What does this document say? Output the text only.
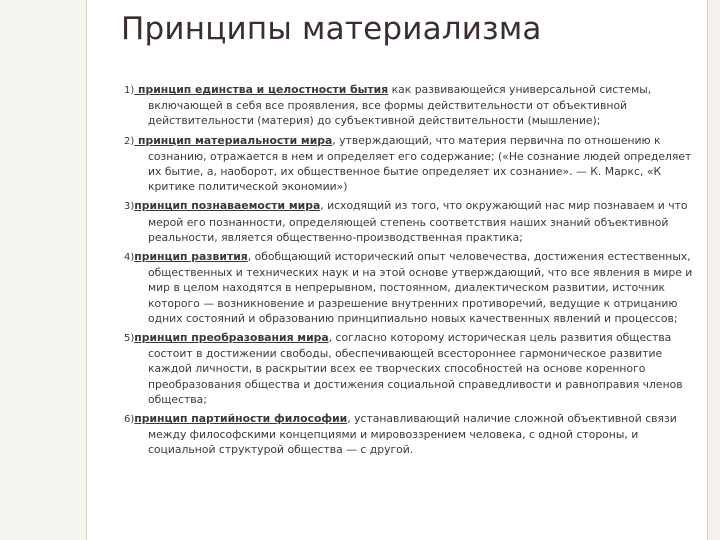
Принципы материализма

1) принцип единства и целостности бытия как развивающейся универсальной системы, включающей в себя все проявления, все формы действительности от объективной действительности (материя) до субъективной действительности (мышление);

2) принцип материальности мира, утверждающий, что материя первична по отношению к сознанию, отражается в нем и определяет его содержание; («Не сознание людей определяет их бытие, а, наоборот, их общественное бытие определяет их сознание». — К. Маркс, «К критике политической экономии»)

3)принцип познаваемости мира, исходящий из того, что окружающий нас мир познаваем и что мерой его познанности, определяющей степень соответствия наших знаний объективной реальности, является общественно-производственная практика;

4)принцип развития, обобщающий исторический опыт человечества, достижения естественных, общественных и технических наук и на этой основе утверждающий, что все явления в мире и мир в целом находятся в непрерывном, постоянном, диалектическом развитии, источник которого — возникновение и разрешение внутренних противоречий, ведущие к отрицанию одних состояний и образованию принципиально новых качественных явлений и процессов;

5)принцип преобразования мира, согласно которому историческая цель развития общества состоит в достижении свободы, обеспечивающей всестороннее гармоническое развитие каждой личности, в раскрытии всех ее творческих способностей на основе коренного преобразования общества и достижения социальной справедливости и равноправия членов общества;

6)принцип партийности философии, устанавливающий наличие сложной объективной связи между философскими концепциями и мировоззрением человека, с одной стороны, и социальной структурой общества — с другой.
